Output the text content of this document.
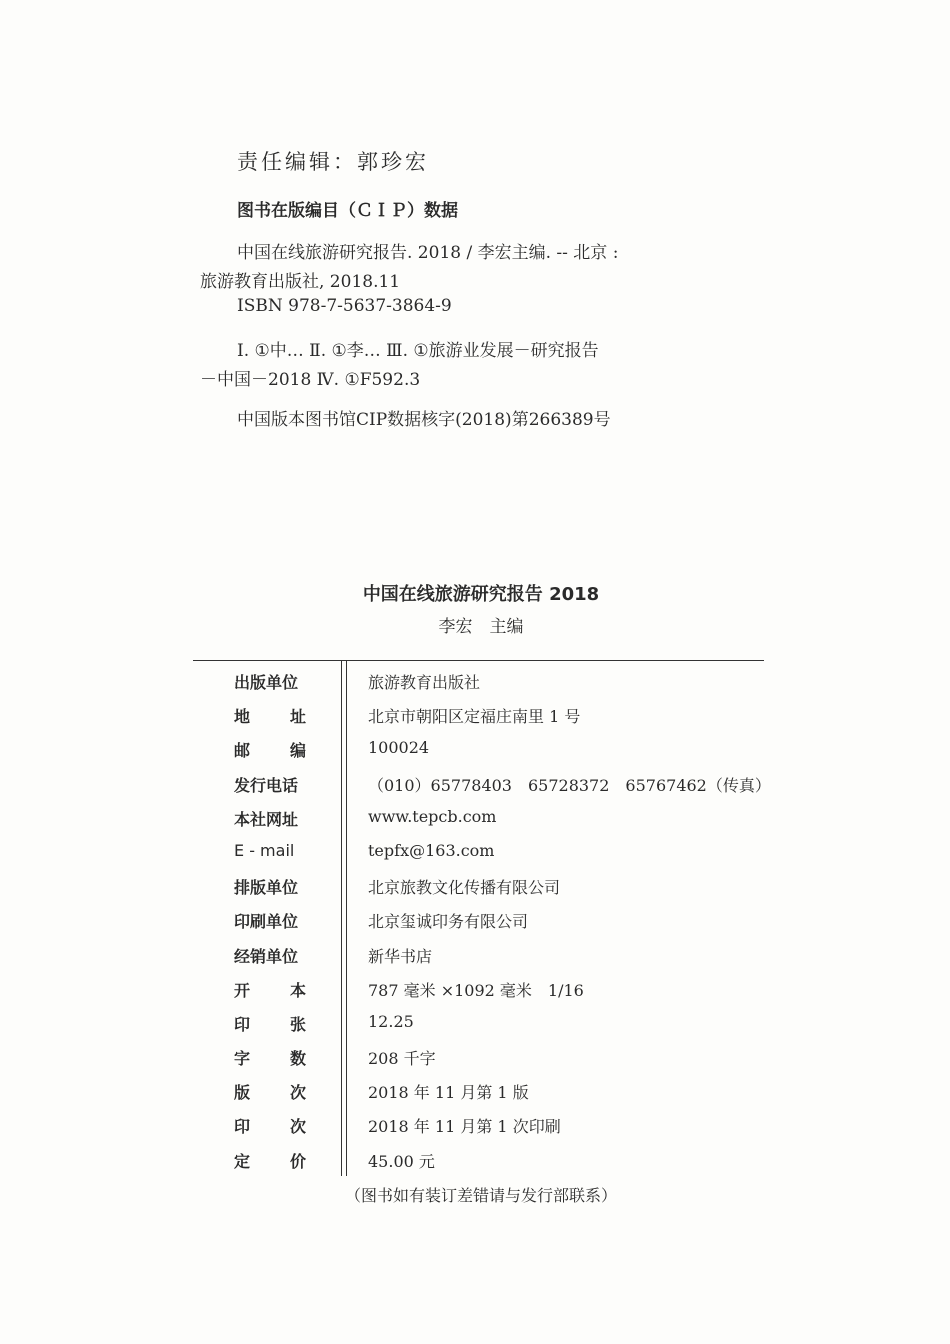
责任编辑：郭珍宏
图书在版编目（ＣＩＰ）数据
中国在线旅游研究报告. 2018 / 李宏主编. -- 北京 :
旅游教育出版社, 2018.11
ISBN 978-7-5637-3864-9
Ⅰ. ①中… Ⅱ. ①李… Ⅲ. ①旅游业发展－研究报告
－中国－2018 Ⅳ. ①F592.3
中国版本图书馆CIP数据核字(2018)第266389号
中国在线旅游研究报告 2018
李宏　主编
出版单位	旅游教育出版社
地　址	北京市朝阳区定福庄南里 1 号
邮　编	100024
发行电话	（010）65778403　65728372　65767462（传真）
本社网址	www.tepcb.com
E - mail	tepfx@163.com
排版单位	北京旅教文化传播有限公司
印刷单位	北京玺诚印务有限公司
经销单位	新华书店
开　本	787 毫米 ×1092 毫米　1/16
印　张	12.25
字　数	208 千字
版　次	2018 年 11 月第 1 版
印　次	2018 年 11 月第 1 次印刷
定　价	45.00 元
（图书如有装订差错请与发行部联系）
